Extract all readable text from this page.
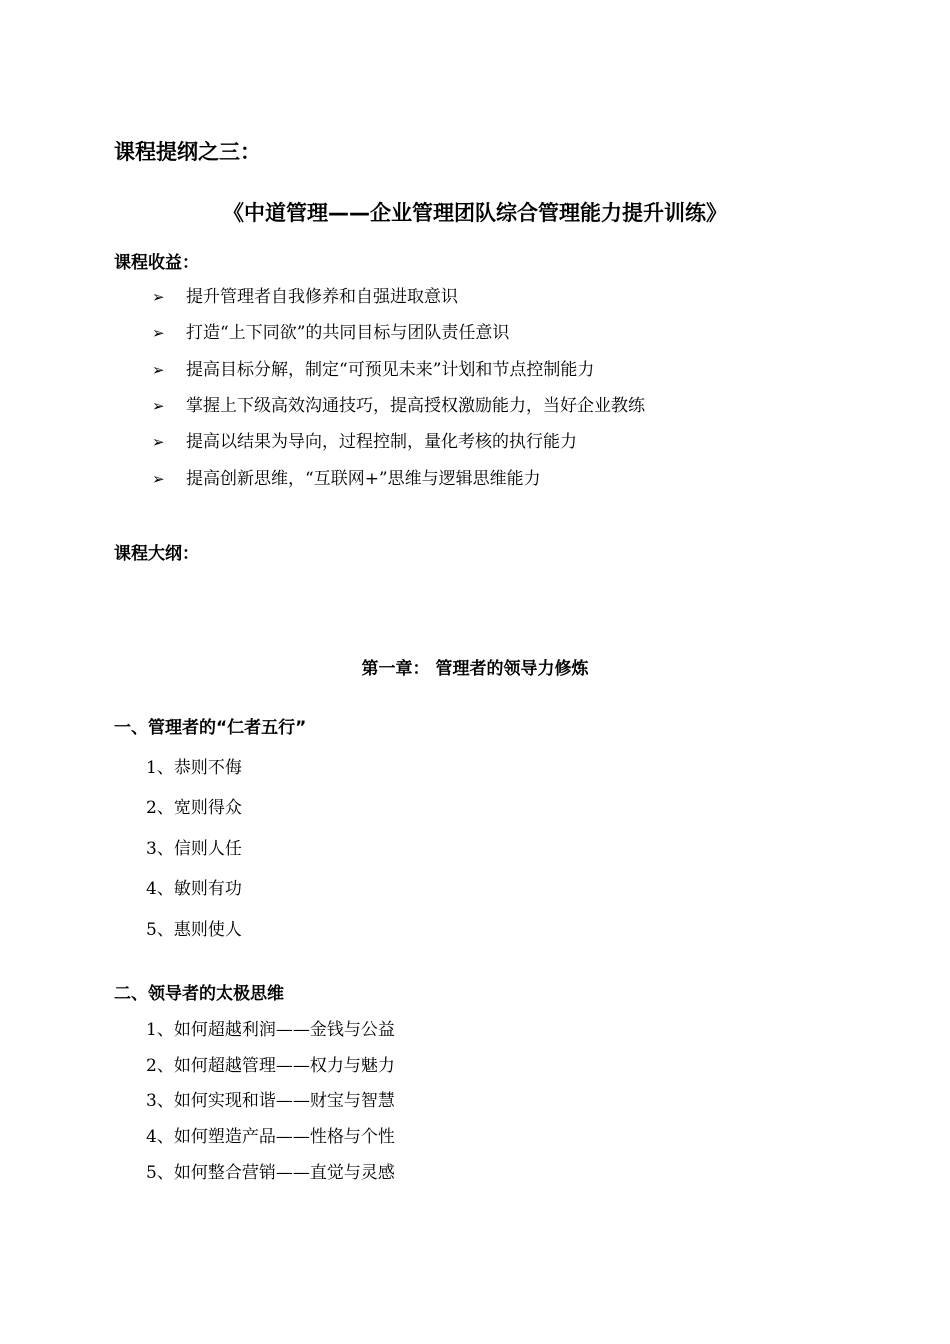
课程提纲之三：
《中道管理——企业管理团队综合管理能力提升训练》
课程收益：
➢	提升管理者自我修养和自强进取意识
➢	打造“上下同欲”的共同目标与团队责任意识
➢	提高目标分解，制定“可预见未来”计划和节点控制能力
➢	掌握上下级高效沟通技巧，提高授权激励能力，当好企业教练
➢	提高以结果为导向，过程控制，量化考核的执行能力
➢	提高创新思维，“互联网+”思维与逻辑思维能力
课程大纲：
第一章： 管理者的领导力修炼
一、管理者的“仁者五行”
1、恭则不侮
2、宽则得众
3、信则人任
4、敏则有功
5、惠则使人
二、领导者的太极思维
1、如何超越利润——金钱与公益
2、如何超越管理——权力与魅力
3、如何实现和谐——财宝与智慧
4、如何塑造产品——性格与个性
5、如何整合营销——直觉与灵感
